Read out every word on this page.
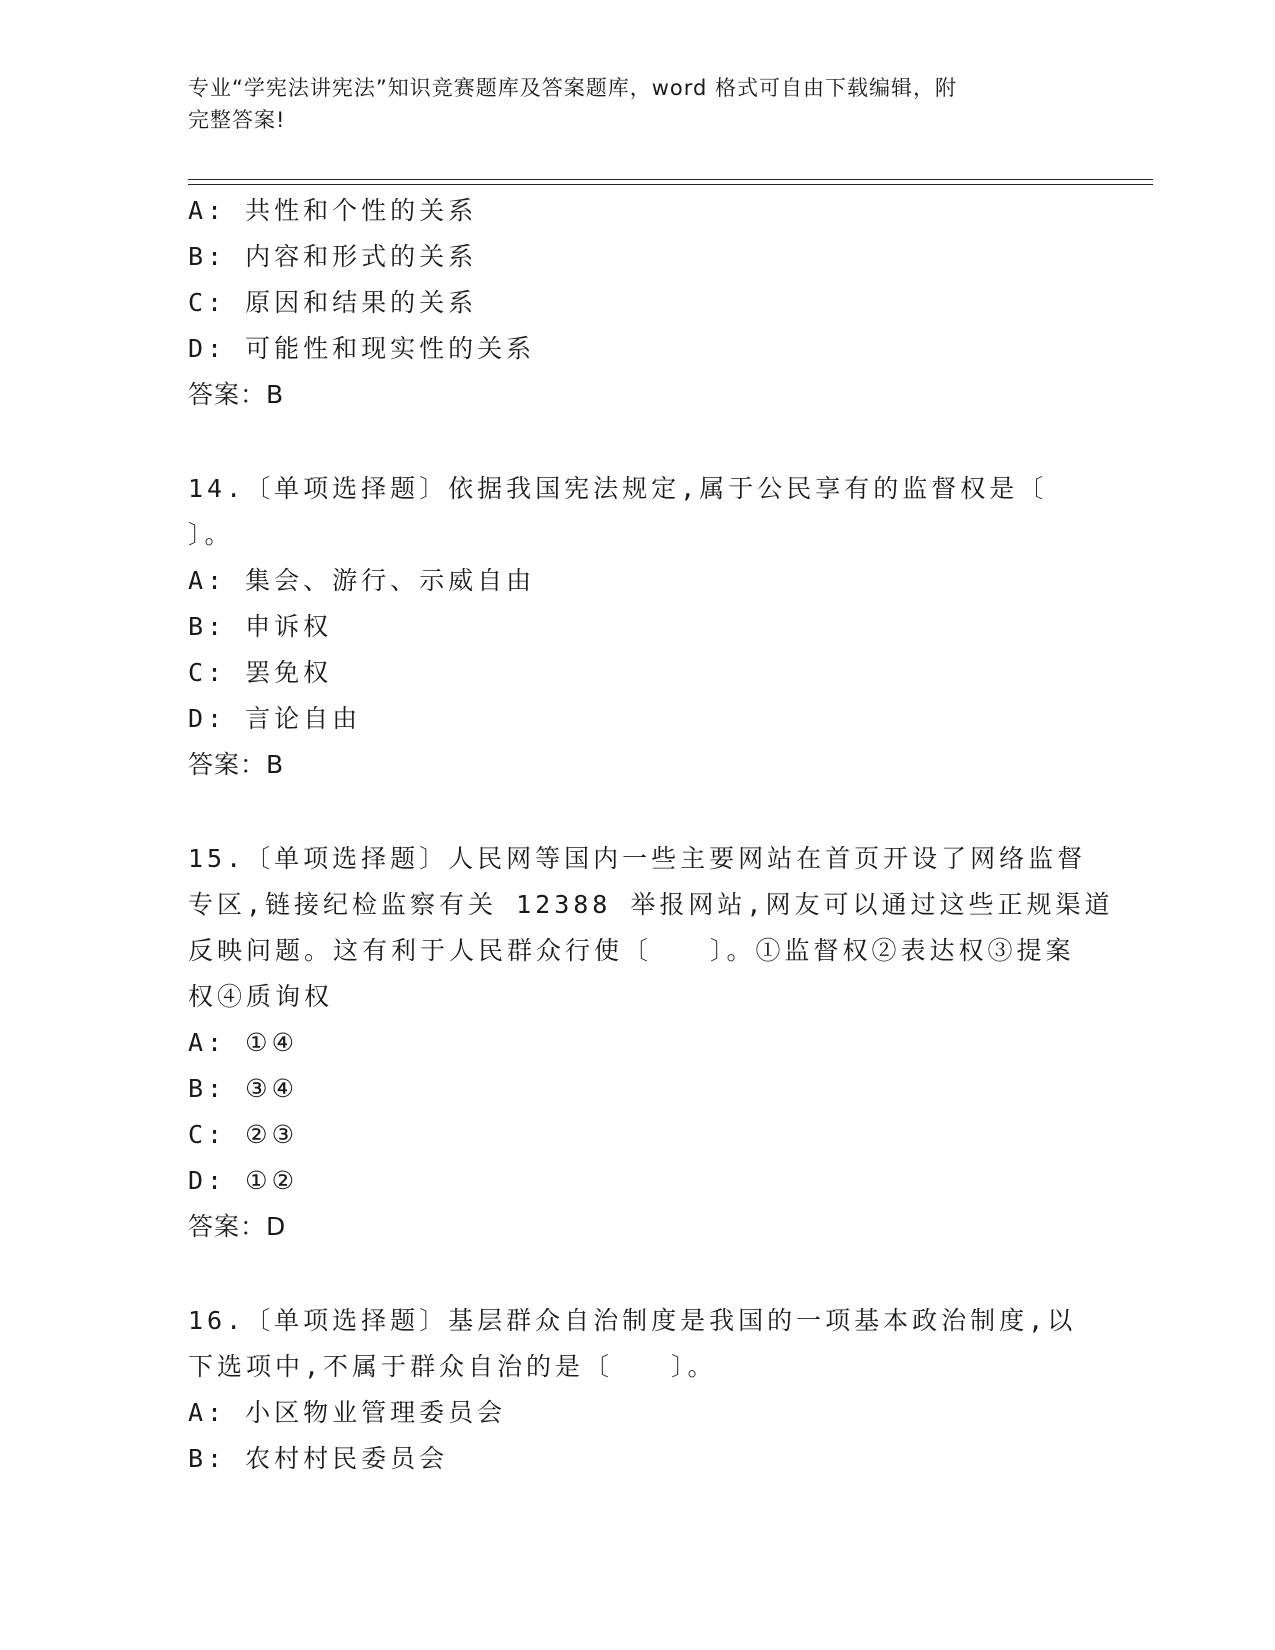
专业“学宪法讲宪法”知识竞赛题库及答案题库，word 格式可自由下载编辑，附
完整答案!
A: 共性和个性的关系
B: 内容和形式的关系
C: 原因和结果的关系
D: 可能性和现实性的关系
答案：B
14.〔单项选择题〕依据我国宪法规定,属于公民享有的监督权是〔
〕。
A: 集会、游行、示威自由
B: 申诉权
C: 罢免权
D: 言论自由
答案：B
15.〔单项选择题〕人民网等国内一些主要网站在首页开设了网络监督
专区,链接纪检监察有关 12388 举报网站,网友可以通过这些正规渠道
反映问题。这有利于人民群众行使〔　　〕。①监督权②表达权③提案
权④质询权
A: ①④
B: ③④
C: ②③
D: ①②
答案：D
16.〔单项选择题〕基层群众自治制度是我国的一项基本政治制度,以
下选项中,不属于群众自治的是〔　　〕。
A: 小区物业管理委员会
B: 农村村民委员会
